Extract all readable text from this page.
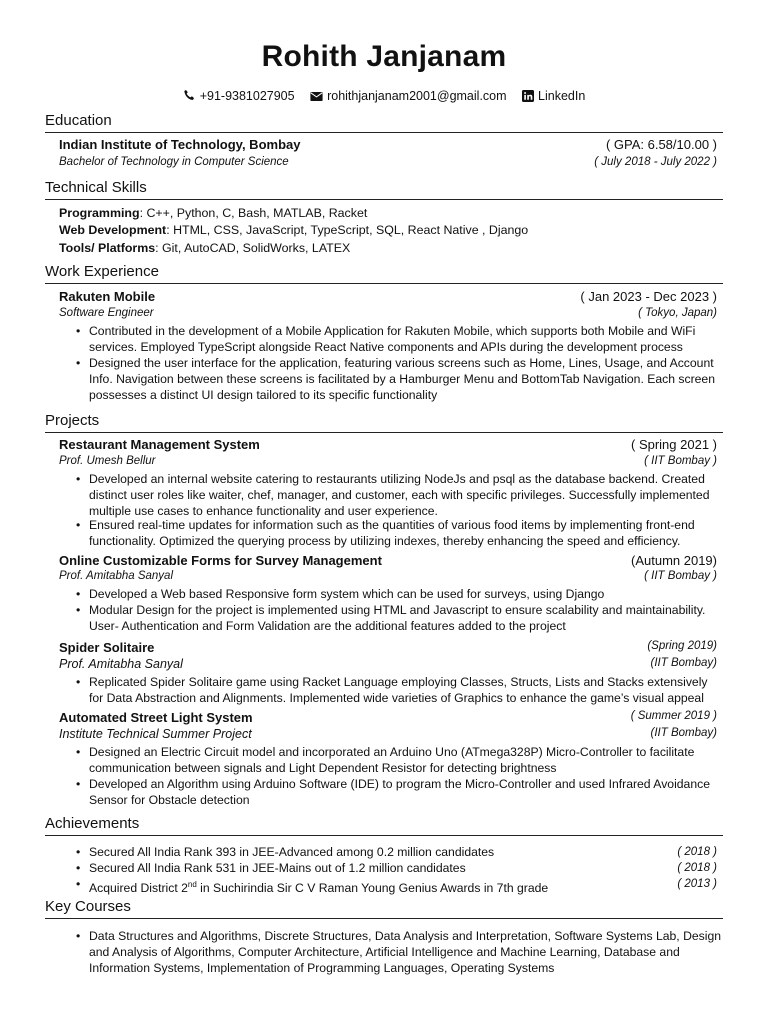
Rohith Janjanam
+91-9381027905	rohithjanjanam2001@gmail.com	LinkedIn
Education
Indian Institute of Technology, Bombay	( GPA: 6.58/10.00 )
Bachelor of Technology in Computer Science	( July 2018 - July 2022 )
Technical Skills
Programming: C++, Python, C, Bash, MATLAB, Racket
Web Development: HTML, CSS, JavaScript, TypeScript, SQL, React Native , Django
Tools/ Platforms: Git, AutoCAD, SolidWorks, LATEX
Work Experience
Rakuten Mobile	( Jan 2023 - Dec 2023 )
Software Engineer	( Tokyo, Japan)
• Contributed in the development of a Mobile Application for Rakuten Mobile, which supports both Mobile and WiFi services. Employed TypeScript alongside React Native components and APIs during the development process
• Designed the user interface for the application, featuring various screens such as Home, Lines, Usage, and Account Info. Navigation between these screens is facilitated by a Hamburger Menu and BottomTab Navigation. Each screen possesses a distinct UI design tailored to its specific functionality
Projects
Restaurant Management System	( Spring 2021 )
Prof. Umesh Bellur	( IIT Bombay )
• Developed an internal website catering to restaurants utilizing NodeJs and psql as the database backend. Created distinct user roles like waiter, chef, manager, and customer, each with specific privileges. Successfully implemented multiple use cases to enhance functionality and user experience.
• Ensured real-time updates for information such as the quantities of various food items by implementing front-end functionality. Optimized the querying process by utilizing indexes, thereby enhancing the speed and efficiency.
Online Customizable Forms for Survey Management	(Autumn 2019)
Prof. Amitabha Sanyal	( IIT Bombay )
• Developed a Web based Responsive form system which can be used for surveys, using Django
• Modular Design for the project is implemented using HTML and Javascript to ensure scalability and maintainability. User- Authentication and Form Validation are the additional features added to the project
Spider Solitaire	(Spring 2019)
Prof. Amitabha Sanyal	(IIT Bombay)
• Replicated Spider Solitaire game using Racket Language employing Classes, Structs, Lists and Stacks extensively for Data Abstraction and Alignments. Implemented wide varieties of Graphics to enhance the game’s visual appeal
Automated Street Light System	( Summer 2019 )
Institute Technical Summer Project	(IIT Bombay)
• Designed an Electric Circuit model and incorporated an Arduino Uno (ATmega328P) Micro-Controller to facilitate communication between signals and Light Dependent Resistor for detecting brightness
• Developed an Algorithm using Arduino Software (IDE) to program the Micro-Controller and used Infrared Avoidance Sensor for Obstacle detection
Achievements
• Secured All India Rank 393 in JEE-Advanced among 0.2 million candidates	( 2018 )
• Secured All India Rank 531 in JEE-Mains out of 1.2 million candidates	( 2018 )
• Acquired District 2nd in Suchirindia Sir C V Raman Young Genius Awards in 7th grade	( 2013 )
Key Courses
• Data Structures and Algorithms, Discrete Structures, Data Analysis and Interpretation, Software Systems Lab, Design and Analysis of Algorithms, Computer Architecture, Artificial Intelligence and Machine Learning, Database and Information Systems, Implementation of Programming Languages, Operating Systems
